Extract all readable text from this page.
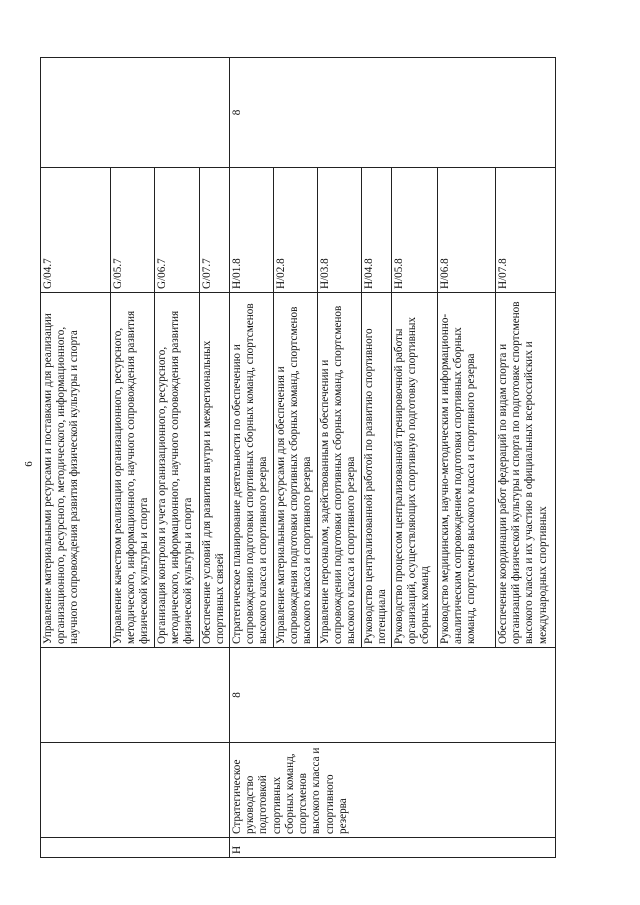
6
			Управление материальными ресурсами и поставками для реализации организационного, ресурсного, методического, информационного, научного сопровождения развития физической культуры и спорта	G/04.7	
			Управление качеством реализации организационного, ресурсного, методического, информационного, научного сопровождения развития физической культуры и спорта	G/05.7	
			Организация контроля и учета организационного, ресурсного, методического, информационного, научного сопровождения развития физической культуры и спорта	G/06.7	
			Обеспечение условий для развития внутри и межрегиональных спортивных связей	G/07.7	
H	Стратегическое руководство подготовкой спортивных сборных команд, спортсменов высокого класса и спортивного резерва	8	Стратегическое планирование деятельности по обеспечению и сопровождению подготовки спортивных сборных команд, спортсменов высокого класса и спортивного резерва	H/01.8	8
			Управление материальными ресурсами для обеспечения и сопровождения подготовки спортивных сборных команд, спортсменов высокого класса и спортивного резерва	H/02.8	
			Управление персоналом, задействованным в обеспечении и сопровождении подготовки спортивных сборных команд, спортсменов высокого класса и спортивного резерва	H/03.8	
			Руководство централизованной работой по развитию спортивного потенциала	H/04.8	
			Руководство процессом централизованной тренировочной работы организаций, осуществляющих спортивную подготовку спортивных сборных команд	H/05.8	
			Руководство медицинским, научно-методическим и информационно-аналитическим сопровождением подготовки спортивных сборных команд, спортсменов высокого класса и спортивного резерва	H/06.8	
			Обеспечение координации работ федераций по видам спорта и организаций физической культуры и спорта по подготовке спортсменов высокого класса и их участию в официальных всероссийских и международных спортивных	H/07.8	
